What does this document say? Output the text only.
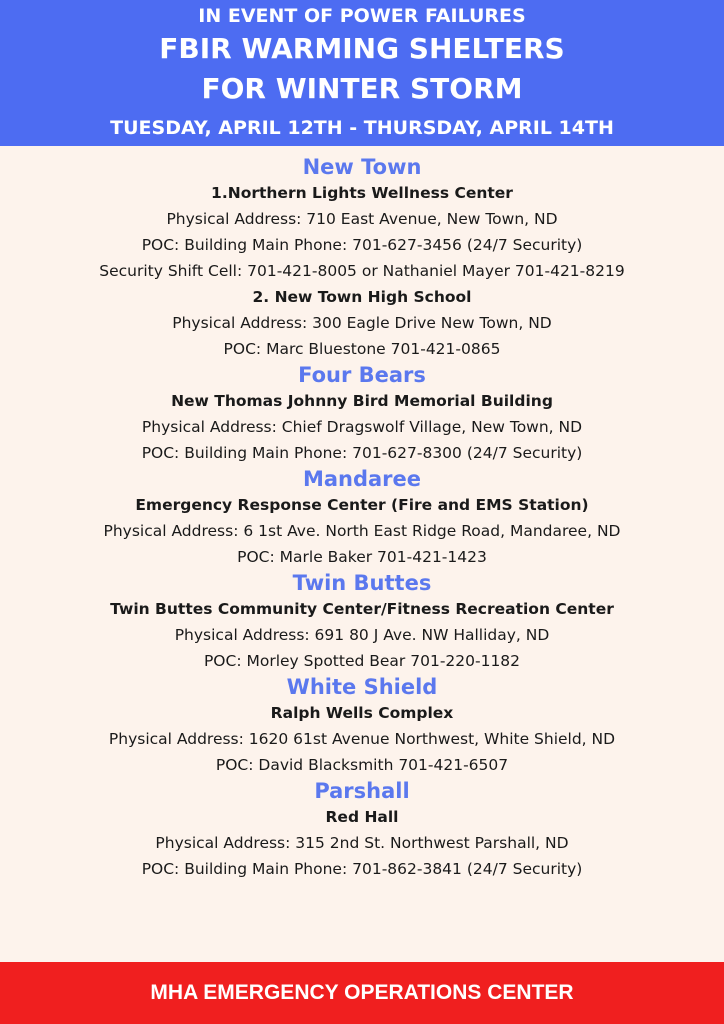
IN EVENT OF POWER FAILURES
FBIR WARMING SHELTERS
FOR WINTER STORM
TUESDAY, APRIL 12TH - THURSDAY, APRIL 14TH

New Town

1.Northern Lights Wellness Center

Physical Address: 710 East Avenue, New Town, ND

POC: Building Main Phone: 701-627-3456 (24/7 Security)

Security Shift Cell: 701-421-8005 or Nathaniel Mayer 701-421-8219

2. New Town High School

Physical Address: 300 Eagle Drive New Town, ND

POC: Marc Bluestone 701-421-0865

Four Bears

New Thomas Johnny Bird Memorial Building

Physical Address: Chief Dragswolf Village, New Town, ND

POC: Building Main Phone: 701-627-8300 (24/7 Security)

Mandaree

Emergency Response Center (Fire and EMS Station)

Physical Address: 6 1st Ave. North East Ridge Road, Mandaree, ND

POC: Marle Baker 701-421-1423

Twin Buttes

Twin Buttes Community Center/Fitness Recreation Center

Physical Address: 691 80 J Ave. NW Halliday, ND

POC: Morley Spotted Bear 701-220-1182

White Shield

Ralph Wells Complex

Physical Address: 1620 61st Avenue Northwest, White Shield, ND

POC: David Blacksmith 701-421-6507

Parshall

Red Hall

Physical Address: 315 2nd St. Northwest Parshall, ND

POC: Building Main Phone: 701-862-3841 (24/7 Security)

MHA EMERGENCY OPERATIONS CENTER
